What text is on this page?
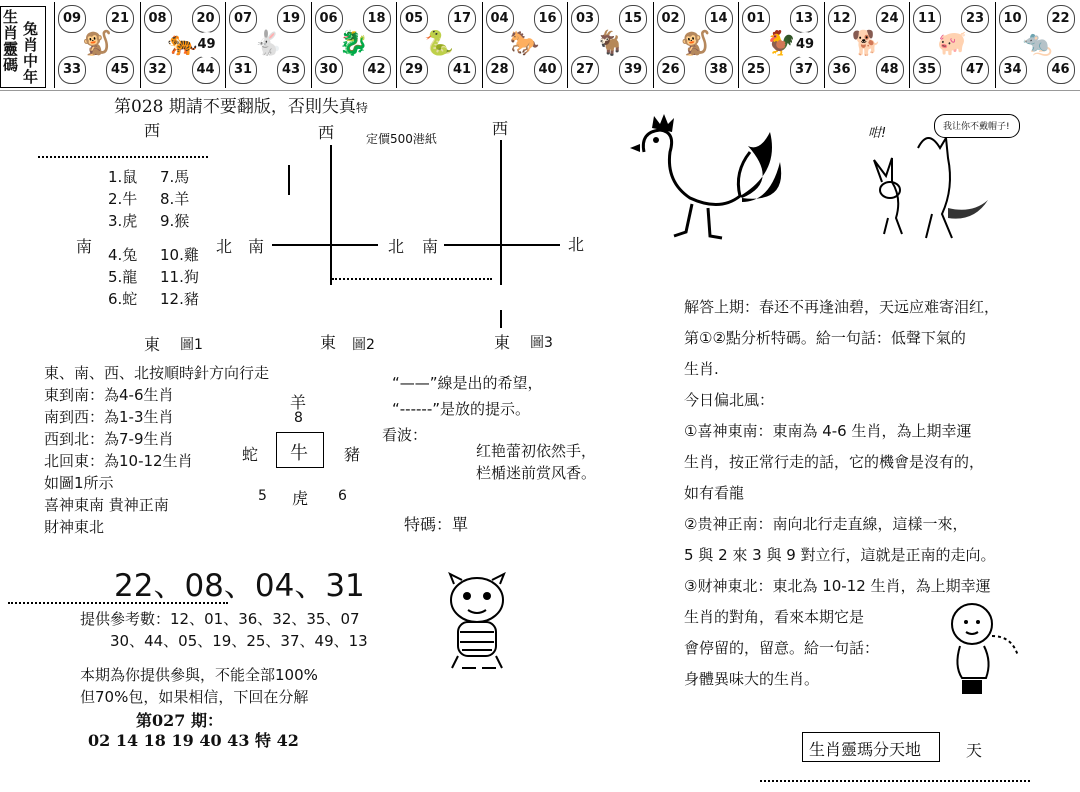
生
肖
靈
碼
兔
肖
中
年
09	21
33	45
🐒
08	20
32	44
49
🐅
07	19
31	43
🐇
06	18
30	42
🐉
05	17
29	41
🐍
04	16
28	40
🐎
03	15
27	39
🐐
02	14
26	38
🐒
01	13
25	37
49
🐓
12	24
36	48
🐕
11	23
35	47
🐖
10	22
34	46
🐀
第028 期請不要翻版，否則失真特
西	西	西
定價500港紙
南	北 南	北 南	北
1.鼠 7.馬
2.牛 8.羊
3.虎 9.猴
4.兔 10.雞
5.龍 11.狗
6.蛇 12.豬
東 圖1	東 圖2	東 圖3
東、南、西、北按順時針方向行走
東到南：為4-6生肖
南到西：為1-3生肖
西到北：為7-9生肖
北回東：為10-12生肖
如圖1所示
喜神東南 貴神正南
財神東北
羊
8
蛇 牛 豬
5 虎 6
“——”線是出的希望，
“------”是放的提示。
看波：
红艳蕾初依然手，
栏楯迷前赏风香。
特碼：單
22、08、04、31
提供參考數：12、01、36、32、35、07
30、44、05、19、25、37、49、13
本期為你提供參與，不能全部100%
但70%包，如果相信，下回在分解
第027 期：
02 14 18 19 40 43 特 42
我让你不戴帽子!
咁!
解答上期：春还不再逢油碧，天远应难寄泪红，
第①②點分析特碼。給一句話：低聲下氣的
生肖.
今日偏北風：
①喜神東南：東南為 4-6 生肖，為上期幸運
生肖，按正常行走的話，它的機會是沒有的，
如有看龍
②贵神正南：南向北行走直線，這樣一來，
5 與 2 來 3 與 9 對立行，這就是正南的走向。
③财神東北：東北為 10-12 生肖，為上期幸運
生肖的對角，看來本期它是
會停留的，留意。給一句話：
身體異味大的生肖。
生肖靈瑪分天地	天
